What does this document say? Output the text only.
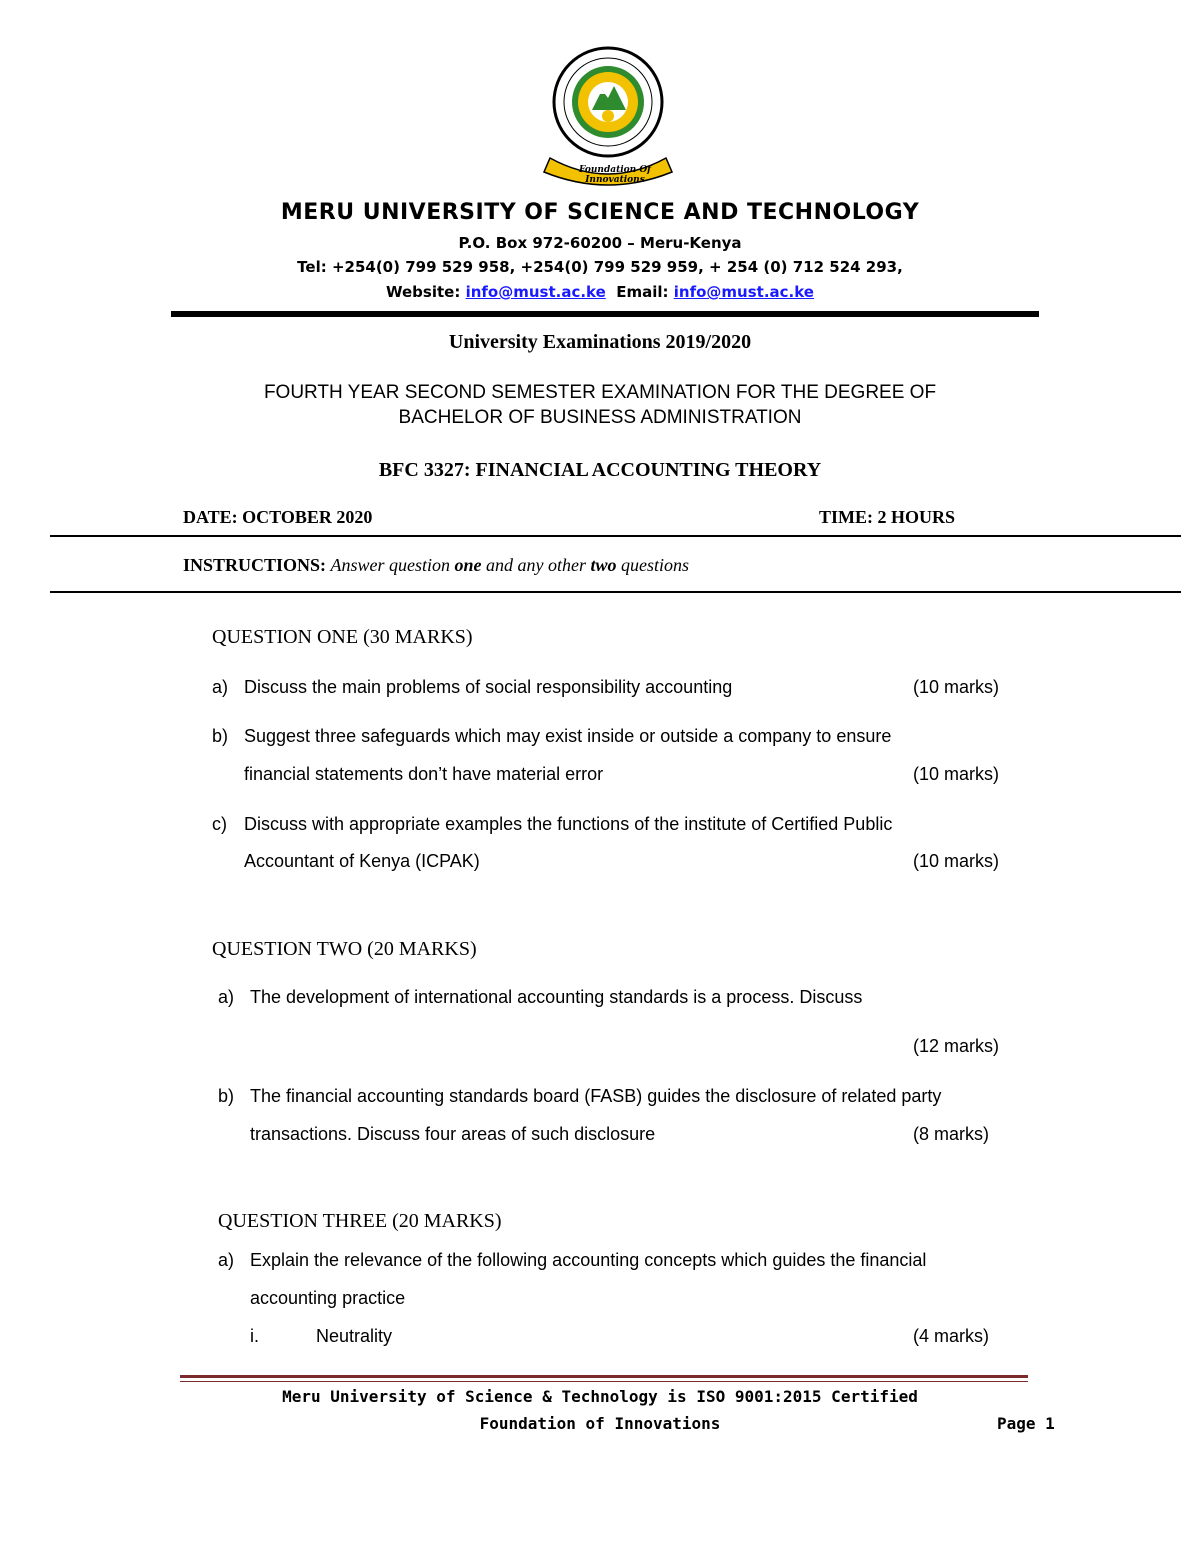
Foundation Of Innovations
MERU UNIVERSITY OF SCIENCE AND TECHNOLOGY
P.O. Box 972-60200 – Meru-Kenya
Tel: +254(0) 799 529 958, +254(0) 799 529 959, + 254 (0) 712 524 293,
Website: info@must.ac.ke Email: info@must.ac.ke
University Examinations 2019/2020
FOURTH YEAR SECOND SEMESTER EXAMINATION FOR THE DEGREE OF
BACHELOR OF BUSINESS ADMINISTRATION
BFC 3327: FINANCIAL ACCOUNTING THEORY
DATE: OCTOBER 2020	TIME: 2 HOURS
INSTRUCTIONS: Answer question one and any other two questions
QUESTION ONE (30 MARKS)
a) Discuss the main problems of social responsibility accounting	(10 marks)
b) Suggest three safeguards which may exist inside or outside a company to ensure
financial statements don’t have material error	(10 marks)
c) Discuss with appropriate examples the functions of the institute of Certified Public
Accountant of Kenya (ICPAK)	(10 marks)
QUESTION TWO (20 MARKS)
a) The development of international accounting standards is a process. Discuss
(12 marks)
b) The financial accounting standards board (FASB) guides the disclosure of related party
transactions. Discuss four areas of such disclosure	(8 marks)
QUESTION THREE (20 MARKS)
a) Explain the relevance of the following accounting concepts which guides the financial
accounting practice
i.	Neutrality	(4 marks)
Meru University of Science & Technology is ISO 9001:2015 Certified
Foundation of Innovations	Page 1
